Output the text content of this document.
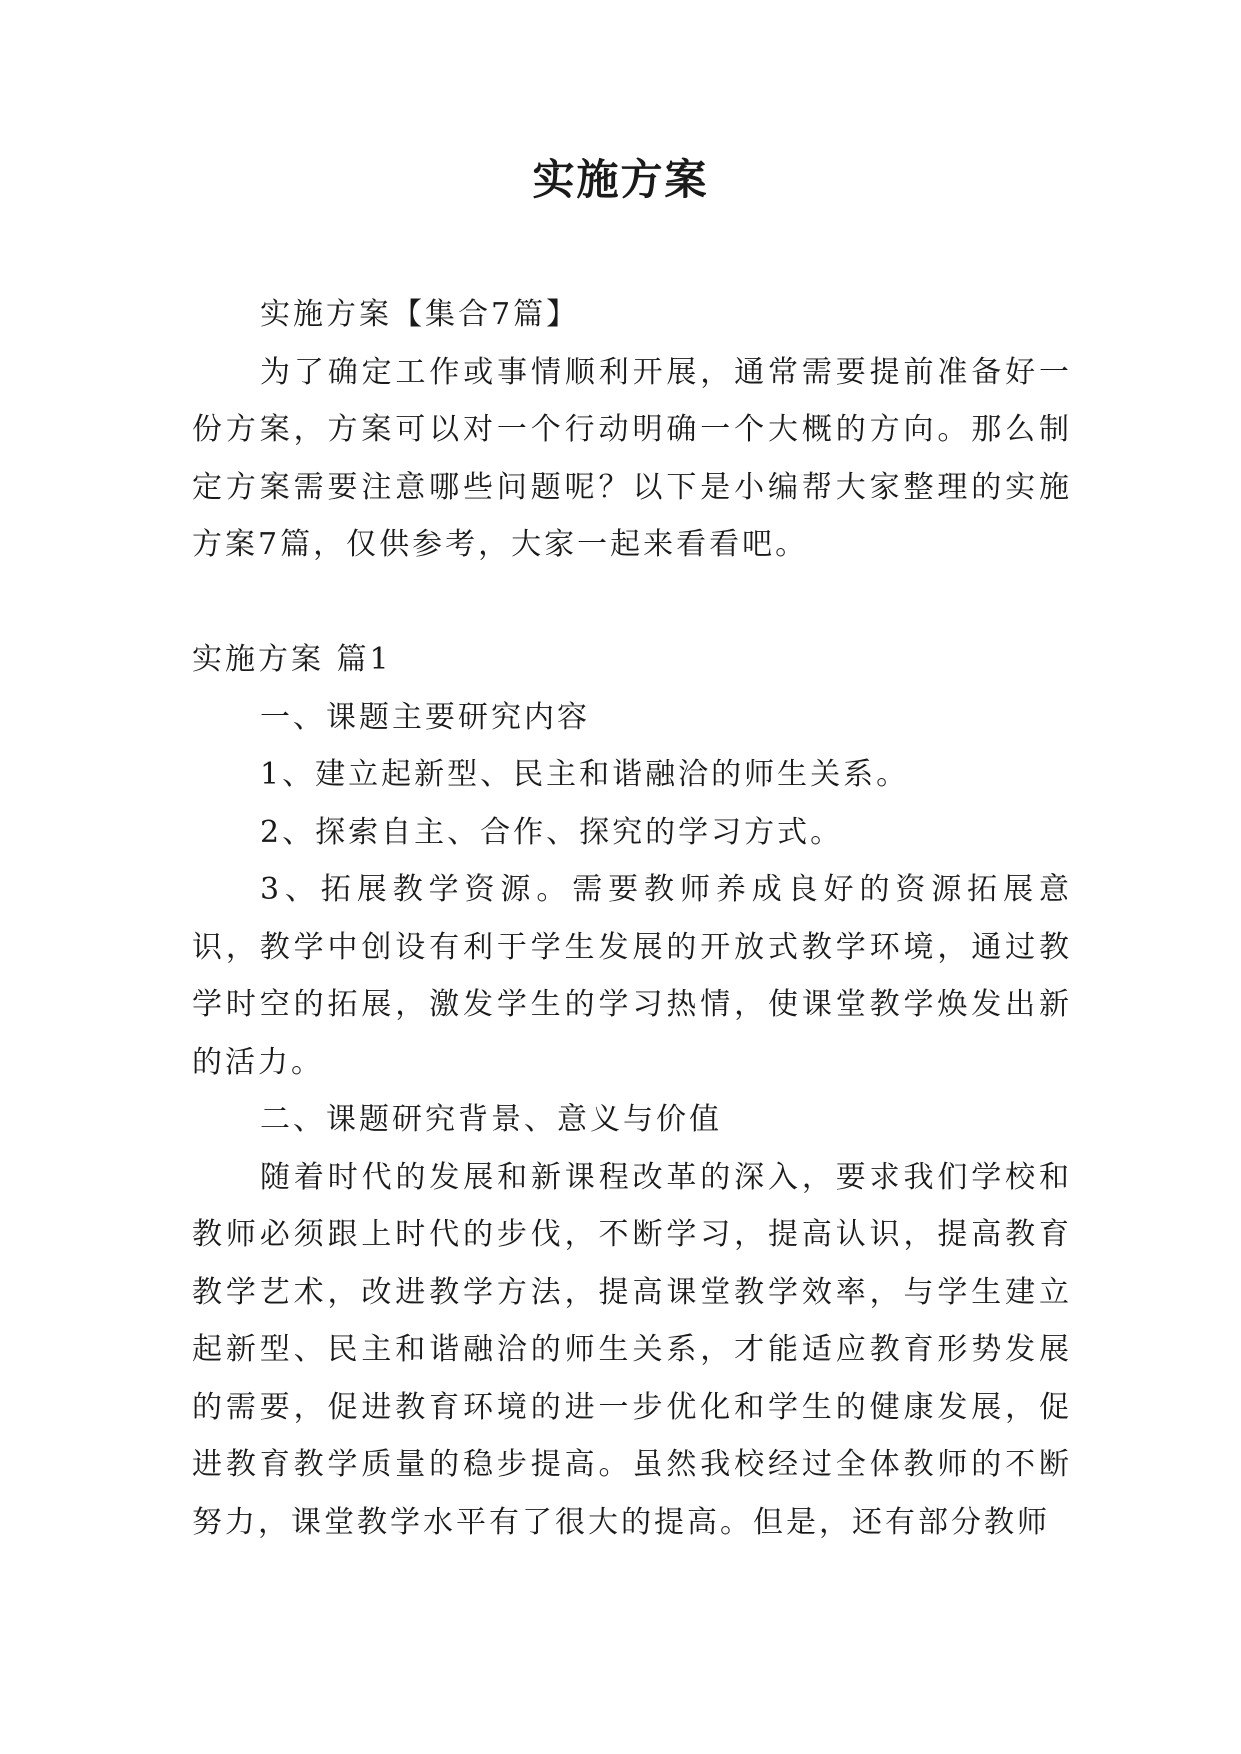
实施方案

实施方案【集合7篇】

为了确定工作或事情顺利开展，通常需要提前准备好一份方案，方案可以对一个行动明确一个大概的方向。那么制定方案需要注意哪些问题呢？以下是小编帮大家整理的实施方案7篇，仅供参考，大家一起来看看吧。

实施方案 篇1

一、课题主要研究内容

1、建立起新型、民主和谐融洽的师生关系。

2、探索自主、合作、探究的学习方式。

3、拓展教学资源。需要教师养成良好的资源拓展意识，教学中创设有利于学生发展的开放式教学环境，通过教学时空的拓展，激发学生的学习热情，使课堂教学焕发出新的活力。

二、课题研究背景、意义与价值

随着时代的发展和新课程改革的深入，要求我们学校和教师必须跟上时代的步伐，不断学习，提高认识，提高教育教学艺术，改进教学方法，提高课堂教学效率，与学生建立起新型、民主和谐融洽的师生关系，才能适应教育形势发展的需要，促进教育环境的进一步优化和学生的健康发展，促进教育教学质量的稳步提高。虽然我校经过全体教师的不断努力，课堂教学水平有了很大的提高。但是，还有部分教师
